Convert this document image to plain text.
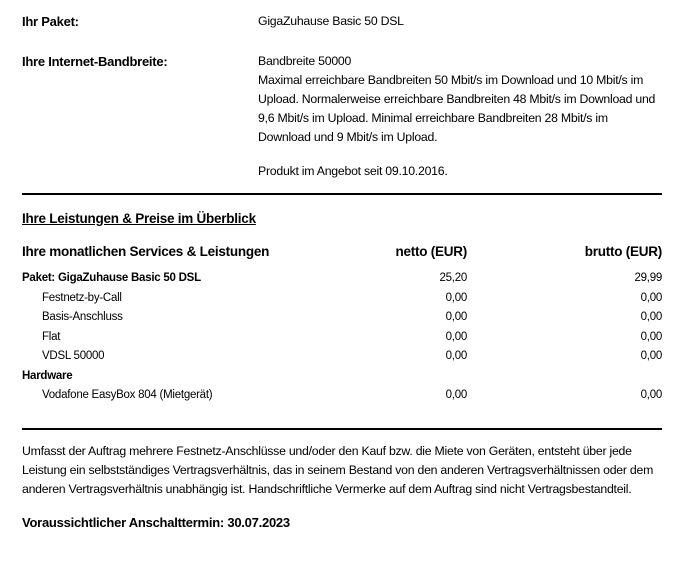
Ihr Paket:	GigaZuhause Basic 50 DSL
Ihre Internet-Bandbreite:	Bandbreite 50000
Maximal erreichbare Bandbreiten 50 Mbit/s im Download und 10 Mbit/s im Upload. Normalerweise erreichbare Bandbreiten 48 Mbit/s im Download und 9,6 Mbit/s im Upload. Minimal erreichbare Bandbreiten 28 Mbit/s im Download und 9 Mbit/s im Upload.
Produkt im Angebot seit 09.10.2016.
Ihre Leistungen & Preise im Überblick
Ihre monatlichen Services & Leistungen	netto (EUR)	brutto (EUR)
Paket: GigaZuhause Basic 50 DSL	25,20	29,99
Festnetz-by-Call	0,00	0,00
Basis-Anschluss	0,00	0,00
Flat	0,00	0,00
VDSL 50000	0,00	0,00
Hardware
Vodafone EasyBox 804 (Mietgerät)	0,00	0,00
Umfasst der Auftrag mehrere Festnetz-Anschlüsse und/oder den Kauf bzw. die Miete von Geräten, entsteht über jede Leistung ein selbstständiges Vertragsverhältnis, das in seinem Bestand von den anderen Vertragsverhältnissen oder dem anderen Vertragsverhältnis unabhängig ist. Handschriftliche Vermerke auf dem Auftrag sind nicht Vertragsbestandteil.
Voraussichtlicher Anschalttermin: 30.07.2023
